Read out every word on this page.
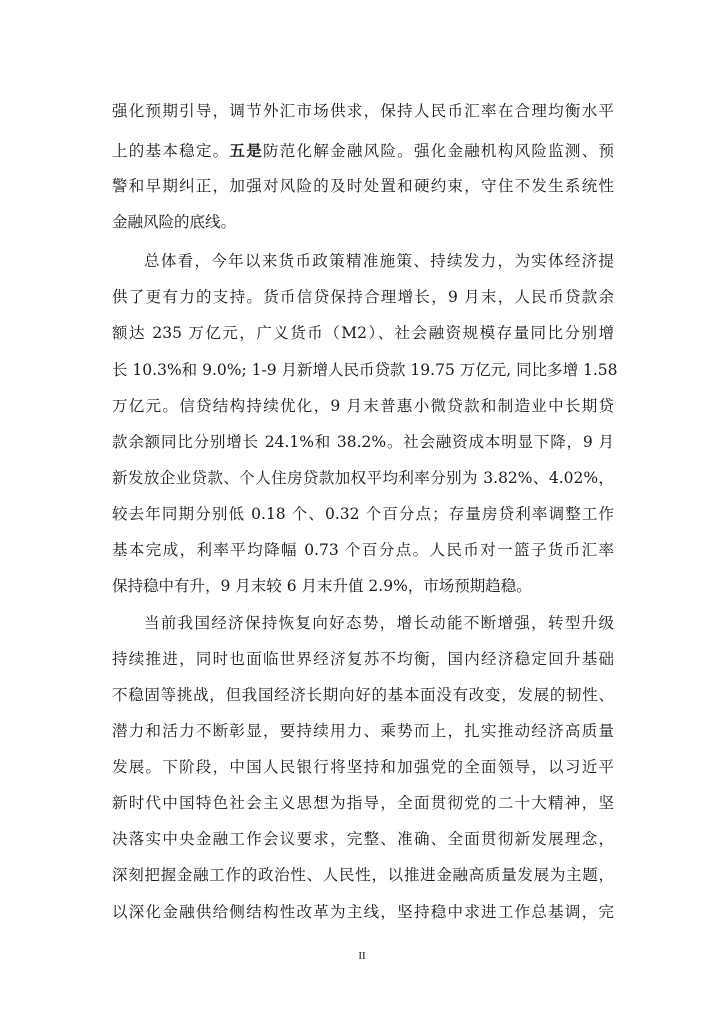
强化预期引导，调节外汇市场供求，保持人民币汇率在合理均衡水平
上的基本稳定。五是防范化解金融风险。强化金融机构风险监测、预
警和早期纠正，加强对风险的及时处置和硬约束，守住不发生系统性
金融风险的底线。
总体看，今年以来货币政策精准施策、持续发力，为实体经济提
供了更有力的支持。货币信贷保持合理增长，9 月末，人民币贷款余
额达 235 万亿元，广义货币（M2）、社会融资规模存量同比分别增
长 10.3%和 9.0%; 1-9 月新增人民币贷款 19.75 万亿元, 同比多增 1.58
万亿元。信贷结构持续优化，9 月末普惠小微贷款和制造业中长期贷
款余额同比分别增长 24.1%和 38.2%。社会融资成本明显下降，9 月
新发放企业贷款、个人住房贷款加权平均利率分别为 3.82%、4.02%，
较去年同期分别低 0.18 个、0.32 个百分点；存量房贷利率调整工作
基本完成，利率平均降幅 0.73 个百分点。人民币对一篮子货币汇率
保持稳中有升，9 月末较 6 月末升值 2.9%，市场预期趋稳。
当前我国经济保持恢复向好态势，增长动能不断增强，转型升级
持续推进，同时也面临世界经济复苏不均衡，国内经济稳定回升基础
不稳固等挑战，但我国经济长期向好的基本面没有改变，发展的韧性、
潜力和活力不断彰显，要持续用力、乘势而上，扎实推动经济高质量
发展。下阶段，中国人民银行将坚持和加强党的全面领导，以习近平
新时代中国特色社会主义思想为指导，全面贯彻党的二十大精神，坚
决落实中央金融工作会议要求，完整、准确、全面贯彻新发展理念，
深刻把握金融工作的政治性、人民性，以推进金融高质量发展为主题，
以深化金融供给侧结构性改革为主线，坚持稳中求进工作总基调，完
II
